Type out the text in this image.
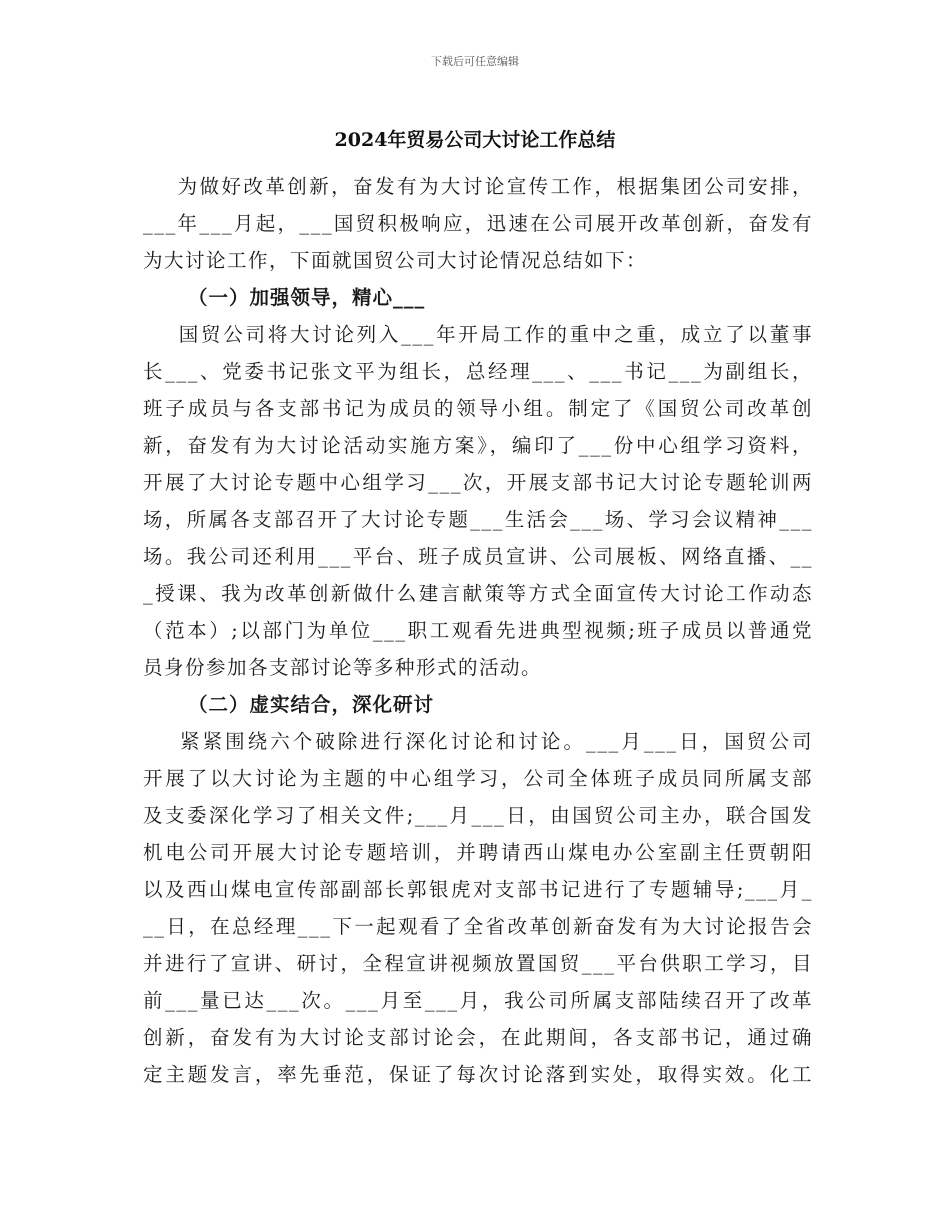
下载后可任意编辑
2024年贸易公司大讨论工作总结
为做好改革创新，奋发有为大讨论宣传工作，根据集团公司安排，
___年___月起，___国贸积极响应，迅速在公司展开改革创新，奋发有
为大讨论工作，下面就国贸公司大讨论情况总结如下：
（一）加强领导，精心___
国贸公司将大讨论列入___年开局工作的重中之重，成立了以董事
长___、党委书记张文平为组长，总经理___、___书记___为副组长，
班子成员与各支部书记为成员的领导小组。制定了《国贸公司改革创
新，奋发有为大讨论活动实施方案》，编印了___份中心组学习资料，
开展了大讨论专题中心组学习___次，开展支部书记大讨论专题轮训两
场，所属各支部召开了大讨论专题___生活会___场、学习会议精神___
场。我公司还利用___平台、班子成员宣讲、公司展板、网络直播、__
_授课、我为改革创新做什么建言献策等方式全面宣传大讨论工作动态
（范本）;以部门为单位___职工观看先进典型视频;班子成员以普通党
员身份参加各支部讨论等多种形式的活动。
（二）虚实结合，深化研讨
紧紧围绕六个破除进行深化讨论和讨论。___月___日，国贸公司
开展了以大讨论为主题的中心组学习，公司全体班子成员同所属支部
及支委深化学习了相关文件;___月___日，由国贸公司主办，联合国发
机电公司开展大讨论专题培训，并聘请西山煤电办公室副主任贾朝阳
以及西山煤电宣传部副部长郭银虎对支部书记进行了专题辅导;___月_
__日，在总经理___下一起观看了全省改革创新奋发有为大讨论报告会
并进行了宣讲、研讨，全程宣讲视频放置国贸___平台供职工学习，目
前___量已达___次。___月至___月，我公司所属支部陆续召开了改革
创新，奋发有为大讨论支部讨论会，在此期间，各支部书记，通过确
定主题发言，率先垂范，保证了每次讨论落到实处，取得实效。化工
